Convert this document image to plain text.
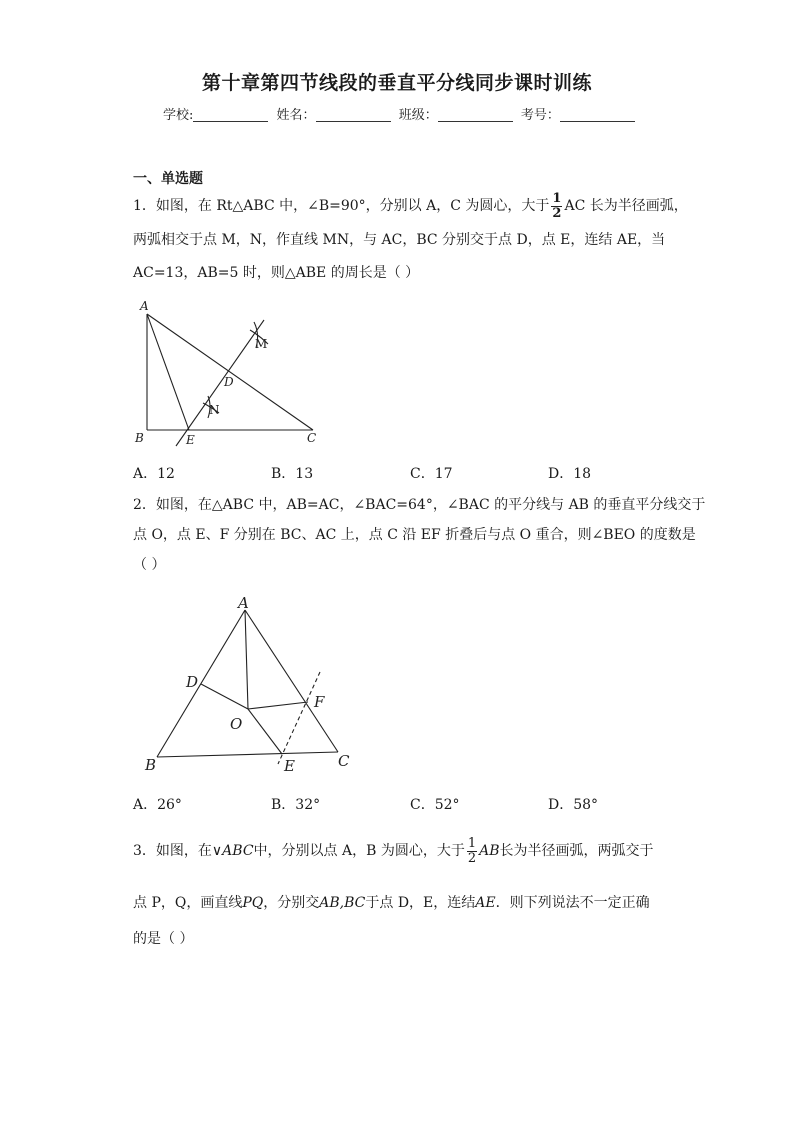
第十章第四节线段的垂直平分线同步课时训练
学校:	姓名：	班级：	考号：
一、单选题
1．如图，在 Rt△ABC 中，∠B=90°，分别以 A，C 为圆心，大于 $\frac{1}{2}$ AC 长为半径画弧，
两弧相交于点 M，N，作直线 MN，与 AC，BC 分别交于点 D，点 E，连结 AE，当
AC=13，AB=5 时，则△ABE 的周长是（ ）
A
B	C
D
E
M
N
A．12	B．13	C．17	D．18
2．如图，在△ABC 中，AB=AC，∠BAC=64°，∠BAC 的平分线与 AB 的垂直平分线交于
点 O，点 E、F 分别在 BC、AC 上，点 C 沿 EF 折叠后与点 O 重合，则∠BEO 的度数是
（ ）
A
D
F
O
B	E	C
A．26°	B．32°	C．52°	D．58°
3．如图，在∨ABC中，分别以点 A，B 为圆心，大于 $\frac{1}{2}$ AB长为半径画弧，两弧交于
点 P，Q，画直线PQ，分别交AB,BC于点 D，E，连结AE．则下列说法不一定正确
的是（ ）
